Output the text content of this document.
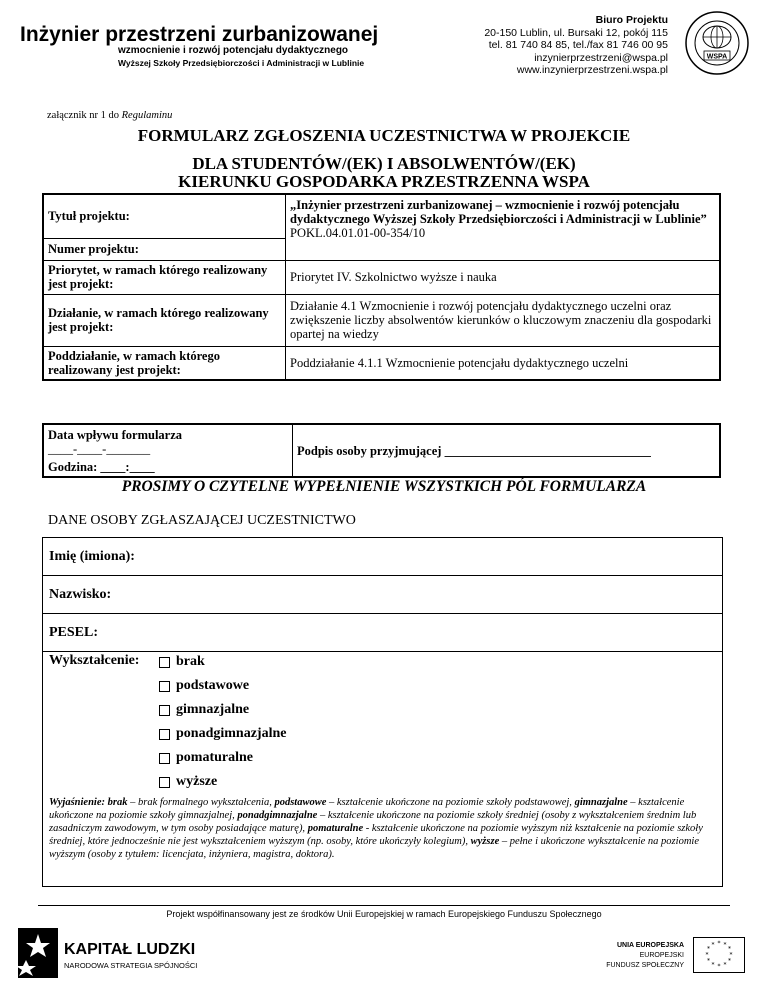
Inżynier przestrzeni zurbanizowanej
wzmocnienie i rozwój potencjału dydaktycznego
Wyższej Szkoły Przedsiębiorczości i Administracji w Lublinie
Biuro Projektu
20-150 Lublin, ul. Bursaki 12, pokój 115
tel. 81 740 84 85, tel./fax 81 746 00 95
inzynierprzestrzeni@wspa.pl
www.inzynierprzestrzeni.wspa.pl
WSPA
załącznik nr 1 do Regulaminu
FORMULARZ ZGŁOSZENIA UCZESTNICTWA W PROJEKCIE
DLA STUDENTÓW/(EK) I ABSOLWENTÓW/(EK)
KIERUNKU GOSPODARKA PRZESTRZENNA WSPA
Tytuł projektu:	„Inżynier przestrzeni zurbanizowanej – wzmocnienie i rozwój potencjału dydaktycznego Wyższej Szkoły Przedsiębiorczości i Administracji w Lublinie”
POKL.04.01.01-00-354/10

Numer projektu:	
Priorytet, w ramach którego realizowany jest projekt:	Priorytet IV. Szkolnictwo wyższe i nauka
Działanie, w ramach którego realizowany jest projekt:	Działanie 4.1 Wzmocnienie i rozwój potencjału dydaktycznego uczelni oraz zwiększenie liczby absolwentów kierunków o kluczowym znaczeniu dla gospodarki opartej na wiedzy
Poddziałanie, w ramach którego realizowany jest projekt:	Poddziałanie 4.1.1 Wzmocnienie potencjału dydaktycznego uczelni
Data wpływu formularza
____-____-_______
Godzina: ____:____
	Podpis osoby przyjmującej _________________________________
PROSIMY O CZYTELNE WYPEŁNIENIE WSZYSTKICH PÓL FORMULARZA
DANE OSOBY ZGŁASZAJĄCEJ UCZESTNICTWO
Imię (imiona):
Nazwisko:
PESEL:
Wykształcenie:	brak
podstawowe
gimnazjalne
ponadgimnazjalne
pomaturalne
wyższe
Wyjaśnienie: brak – brak formalnego wykształcenia, podstawowe – kształcenie ukończone na poziomie szkoły podstawowej, gimnazjalne – kształcenie ukończone na poziomie szkoły gimnazjalnej, ponadgimnazjalne – kształcenie ukończone na poziomie szkoły średniej (osoby z wykształceniem średnim lub zasadniczym zawodowym, w tym osoby posiadające maturę), pomaturalne - kształcenie ukończone na poziomie wyższym niż kształcenie na poziomie szkoły średniej, które jednocześnie nie jest wykształceniem wyższym (np. osoby, które ukończyły kolegium), wyższe – pełne i ukończone wykształcenie na poziomie wyższym (osoby z tytułem: licencjata, inżyniera, magistra, doktora).
Projekt współfinansowany jest ze środków Unii Europejskiej w ramach Europejskiego Funduszu Społecznego
KAPITAŁ LUDZKI
NARODOWA STRATEGIA SPÓJNOŚCI
UNIA EUROPEJSKA
EUROPEJSKI
FUNDUSZ SPOŁECZNY
* *
*
*
*
*
*
*
*
*
*
*
